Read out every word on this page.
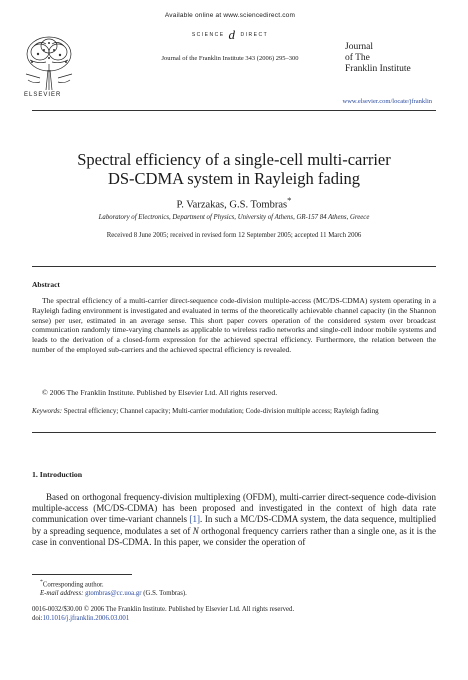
Available online at www.sciencedirect.com
SCIENCE d DIRECT
Journal of the Franklin Institute 343 (2006) 295–300
ELSEVIER
Journal
of The
Franklin Institute
www.elsevier.com/locate/jfranklin
Spectral efficiency of a single-cell multi-carrier
DS-CDMA system in Rayleigh fading
P. Varzakas, G.S. Tombras*
Laboratory of Electronics, Department of Physics, University of Athens, GR-157 84 Athens, Greece
Received 8 June 2005; received in revised form 12 September 2005; accepted 11 March 2006
Abstract
The spectral efficiency of a multi-carrier direct-sequence code-division multiple-access (MC/DS-CDMA) system operating in a Rayleigh fading environment is investigated and evaluated in terms of the theoretically achievable channel capacity (in the Shannon sense) per user, estimated in an average sense. This short paper covers operation of the considered system over broadcast communication randomly time-varying channels as applicable to wireless radio networks and single-cell indoor mobile systems and leads to the derivation of a closed-form expression for the achieved spectral efficiency. Furthermore, the relation between the number of the employed sub-carriers and the achieved spectral efficiency is revealed.
© 2006 The Franklin Institute. Published by Elsevier Ltd. All rights reserved.
Keywords: Spectral efficiency; Channel capacity; Multi-carrier modulation; Code-division multiple access; Rayleigh fading
1. Introduction
Based on orthogonal frequency-division multiplexing (OFDM), multi-carrier direct-sequence code-division multiple-access (MC/DS-CDMA) has been proposed and investigated in the context of high data rate communication over time-variant channels [1]. In such a MC/DS-CDMA system, the data sequence, multiplied by a spreading sequence, modulates a set of N orthogonal frequency carriers rather than a single one, as it is the case in conventional DS-CDMA. In this paper, we consider the operation of
*Corresponding author.
E-mail address: gtombras@cc.uoa.gr (G.S. Tombras).
0016-0032/$30.00 © 2006 The Franklin Institute. Published by Elsevier Ltd. All rights reserved.
doi:10.1016/j.jfranklin.2006.03.001
